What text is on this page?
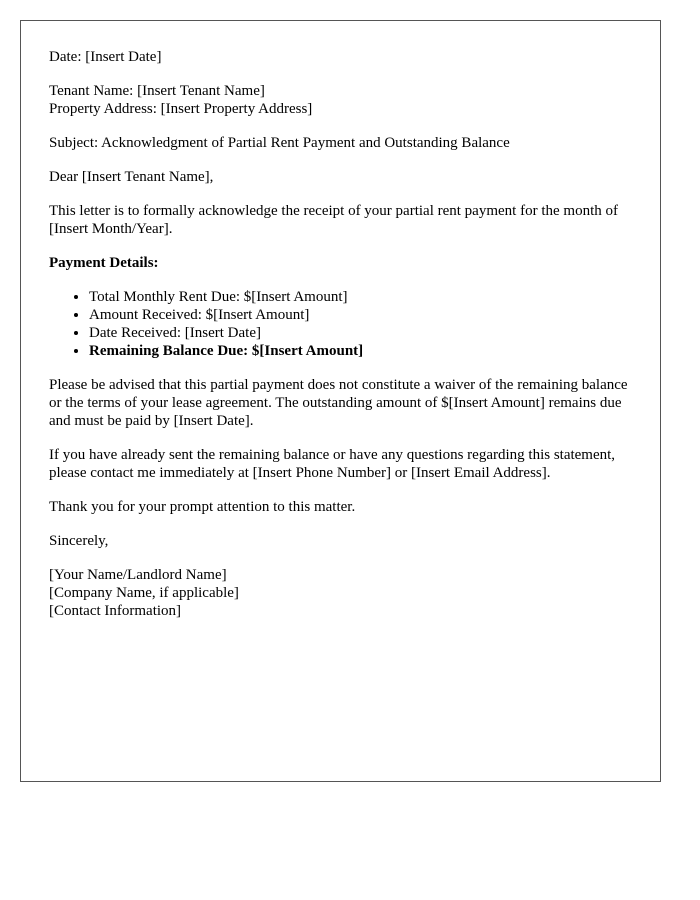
Date: [Insert Date]

Tenant Name: [Insert Tenant Name]
Property Address: [Insert Property Address]

Subject: Acknowledgment of Partial Rent Payment and Outstanding Balance

Dear [Insert Tenant Name],

This letter is to formally acknowledge the receipt of your partial rent payment for the month of [Insert Month/Year].

Payment Details:

• Total Monthly Rent Due: $[Insert Amount]
• Amount Received: $[Insert Amount]
• Date Received: [Insert Date]
• Remaining Balance Due: $[Insert Amount]

Please be advised that this partial payment does not constitute a waiver of the remaining balance or the terms of your lease agreement. The outstanding amount of $[Insert Amount] remains due and must be paid by [Insert Date].

If you have already sent the remaining balance or have any questions regarding this statement, please contact me immediately at [Insert Phone Number] or [Insert Email Address].

Thank you for your prompt attention to this matter.

Sincerely,

[Your Name/Landlord Name]
[Company Name, if applicable]
[Contact Information]
